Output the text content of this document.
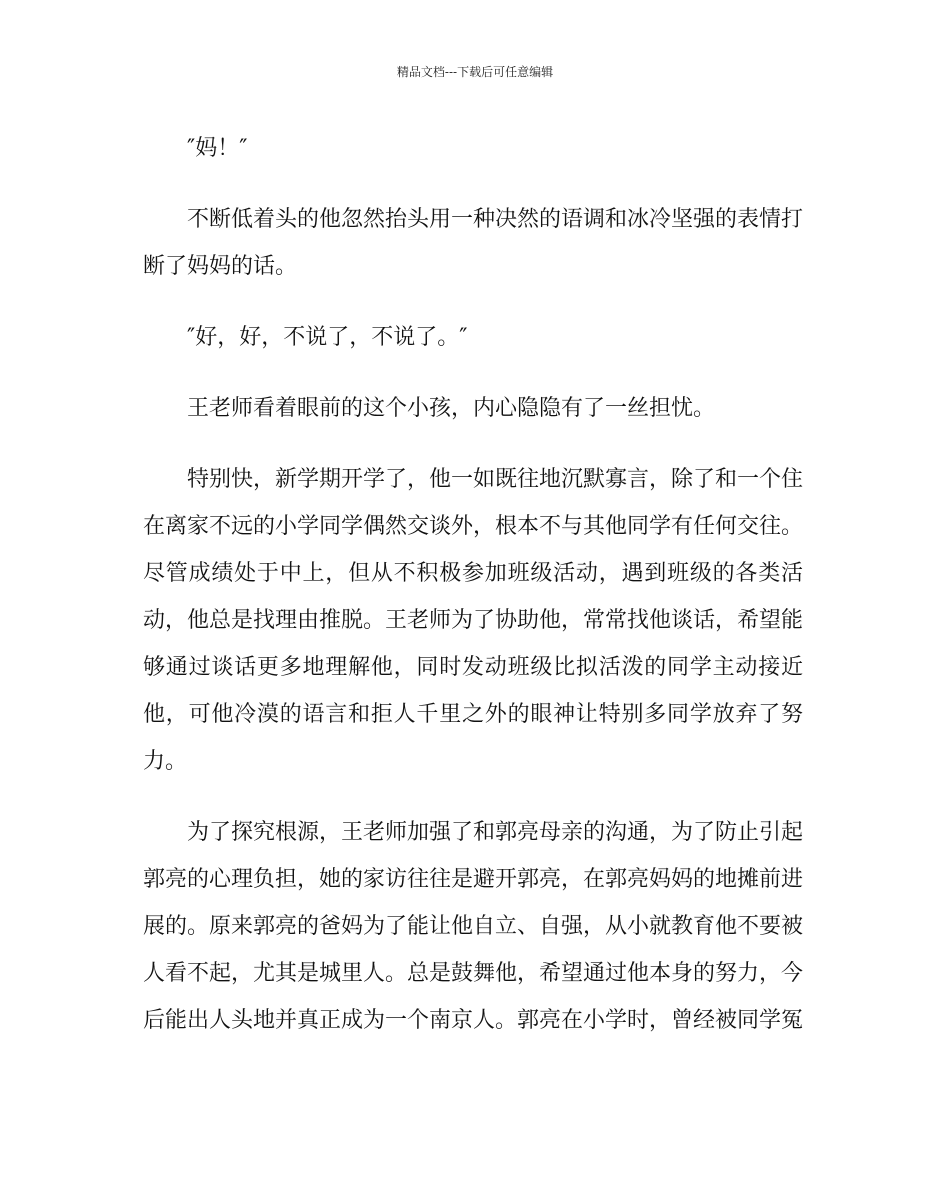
精品文档---下载后可任意编辑

″妈！″

不断低着头的他忽然抬头用一种决然的语调和冰冷坚强的表情打断了妈妈的话。

″好，好，不说了，不说了。″

王老师看着眼前的这个小孩，内心隐隐有了一丝担忧。

特别快，新学期开学了，他一如既往地沉默寡言，除了和一个住在离家不远的小学同学偶然交谈外，根本不与其他同学有任何交往。尽管成绩处于中上，但从不积极参加班级活动，遇到班级的各类活动，他总是找理由推脱。王老师为了协助他，常常找他谈话，希望能够通过谈话更多地理解他，同时发动班级比拟活泼的同学主动接近他，可他冷漠的语言和拒人千里之外的眼神让特别多同学放弃了努力。

为了探究根源，王老师加强了和郭亮母亲的沟通，为了防止引起郭亮的心理负担，她的家访往往是避开郭亮，在郭亮妈妈的地摊前进展的。原来郭亮的爸妈为了能让他自立、自强，从小就教育他不要被人看不起，尤其是城里人。总是鼓舞他，希望通过他本身的努力，今后能出人头地并真正成为一个南京人。郭亮在小学时，曾经被同学冤
